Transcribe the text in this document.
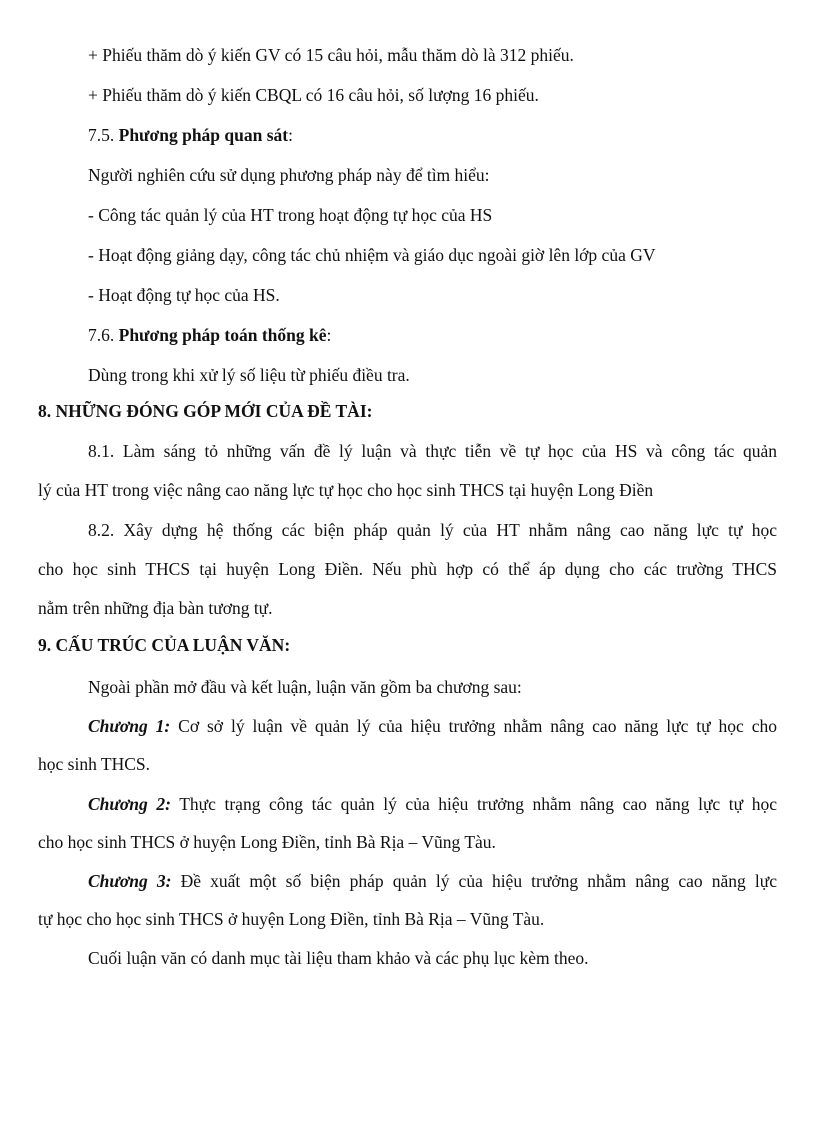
+ Phiếu thăm dò ý kiến GV có 15 câu hỏi, mẫu thăm dò là 312 phiếu.
+ Phiếu thăm dò ý kiến CBQL có 16 câu hỏi, số lượng 16 phiếu.
7.5. Phương pháp quan sát:
Người nghiên cứu sử dụng phương pháp này để tìm hiểu:
- Công tác quản lý của HT trong hoạt động tự học của HS
- Hoạt động giảng dạy, công tác chủ nhiệm và giáo dục ngoài giờ lên lớp của GV
- Hoạt động tự học của HS.
7.6. Phương pháp toán thống kê:
Dùng trong khi xử lý số liệu từ phiếu điều tra.
8. NHỮNG ĐÓNG GÓP MỚI CỦA ĐỀ TÀI:
8.1. Làm sáng tỏ những vấn đề lý luận và thực tiễn về tự học của HS và công tác quản
lý của HT trong việc nâng cao năng lực tự học cho học sinh THCS tại huyện Long Điền
8.2. Xây dựng hệ thống các biện pháp quản lý của HT nhằm nâng cao năng lực tự học
cho học sinh THCS tại huyện Long Điền. Nếu phù hợp có thể áp dụng cho các trường THCS
nằm trên những địa bàn tương tự.
9. CẤU TRÚC CỦA LUẬN VĂN:
Ngoài phần mở đầu và kết luận, luận văn gồm ba chương sau:
Chương 1: Cơ sở lý luận về quản lý của hiệu trưởng nhằm nâng cao năng lực tự học cho
học sinh THCS.
Chương 2: Thực trạng công tác quản lý của hiệu trưởng nhằm nâng cao năng lực tự học
cho học sinh THCS ở huyện Long Điền, tỉnh Bà Rịa – Vũng Tàu.
Chương 3: Đề xuất một số biện pháp quản lý của hiệu trưởng nhằm nâng cao năng lực
tự học cho học sinh THCS ở huyện Long Điền, tỉnh Bà Rịa – Vũng Tàu.
Cuối luận văn có danh mục tài liệu tham khảo và các phụ lục kèm theo.
